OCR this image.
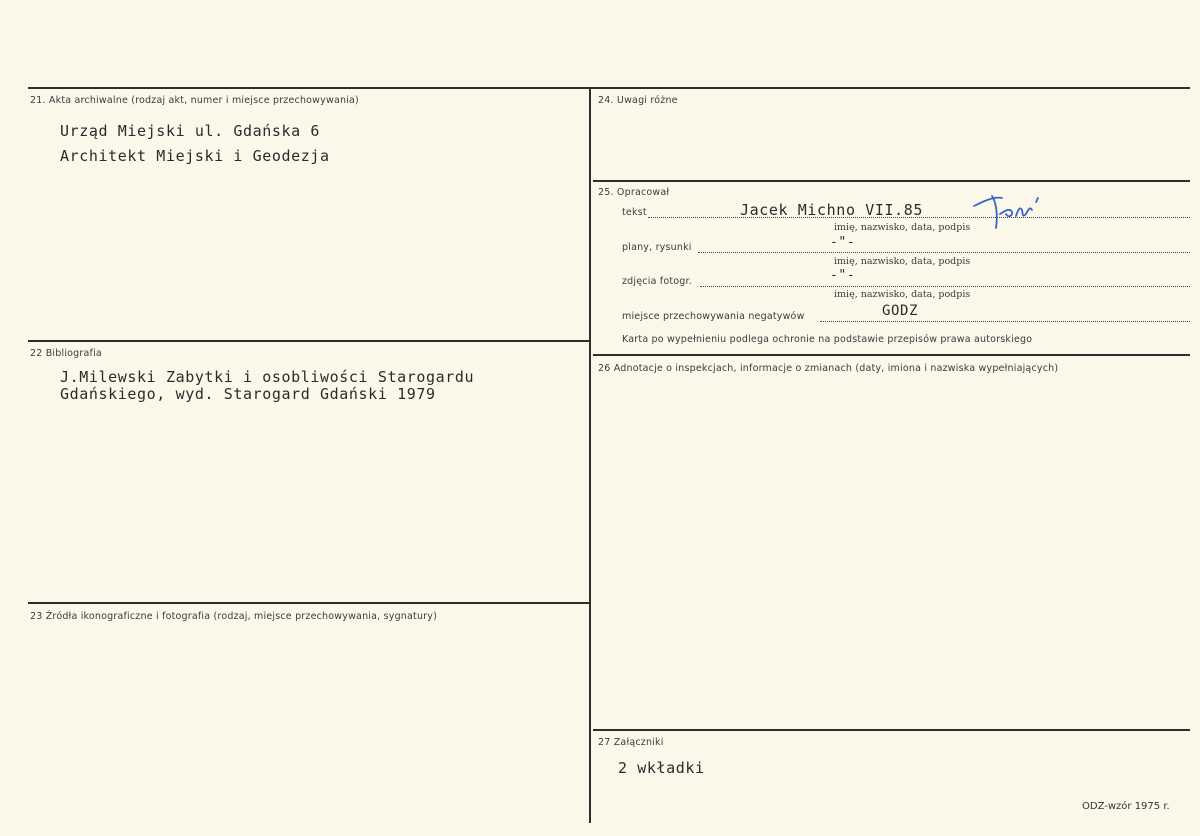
21. Akta archiwalne (rodzaj akt, numer i miejsce przechowywania)
Urząd Miejski ul. Gdańska 6
Architekt Miejski i Geodezja
22 Bibliografia
J.Milewski Zabytki i osobliwości Starogardu
Gdańskiego, wyd. Starogard Gdański 1979
23 Źródła ikonograficzne i fotografia (rodzaj, miejsce przechowywania, sygnatury)
24. Uwagi różne
25. Opracował
tekst	Jacek Michno VII.85
imię, nazwisko, data, podpis
plany, rysunki	-"-
imię, nazwisko, data, podpis
zdjęcia fotogr.	-"-
imię, nazwisko, data, podpis
miejsce przechowywania negatywów	GODZ
Karta po wypełnieniu podlega ochronie na podstawie przepisów prawa autorskiego
26 Adnotacje o inspekcjach, informacje o zmianach (daty, imiona i nazwiska wypełniających)
27 Załączniki
2 wkładki
ODZ-wzór 1975 r.
